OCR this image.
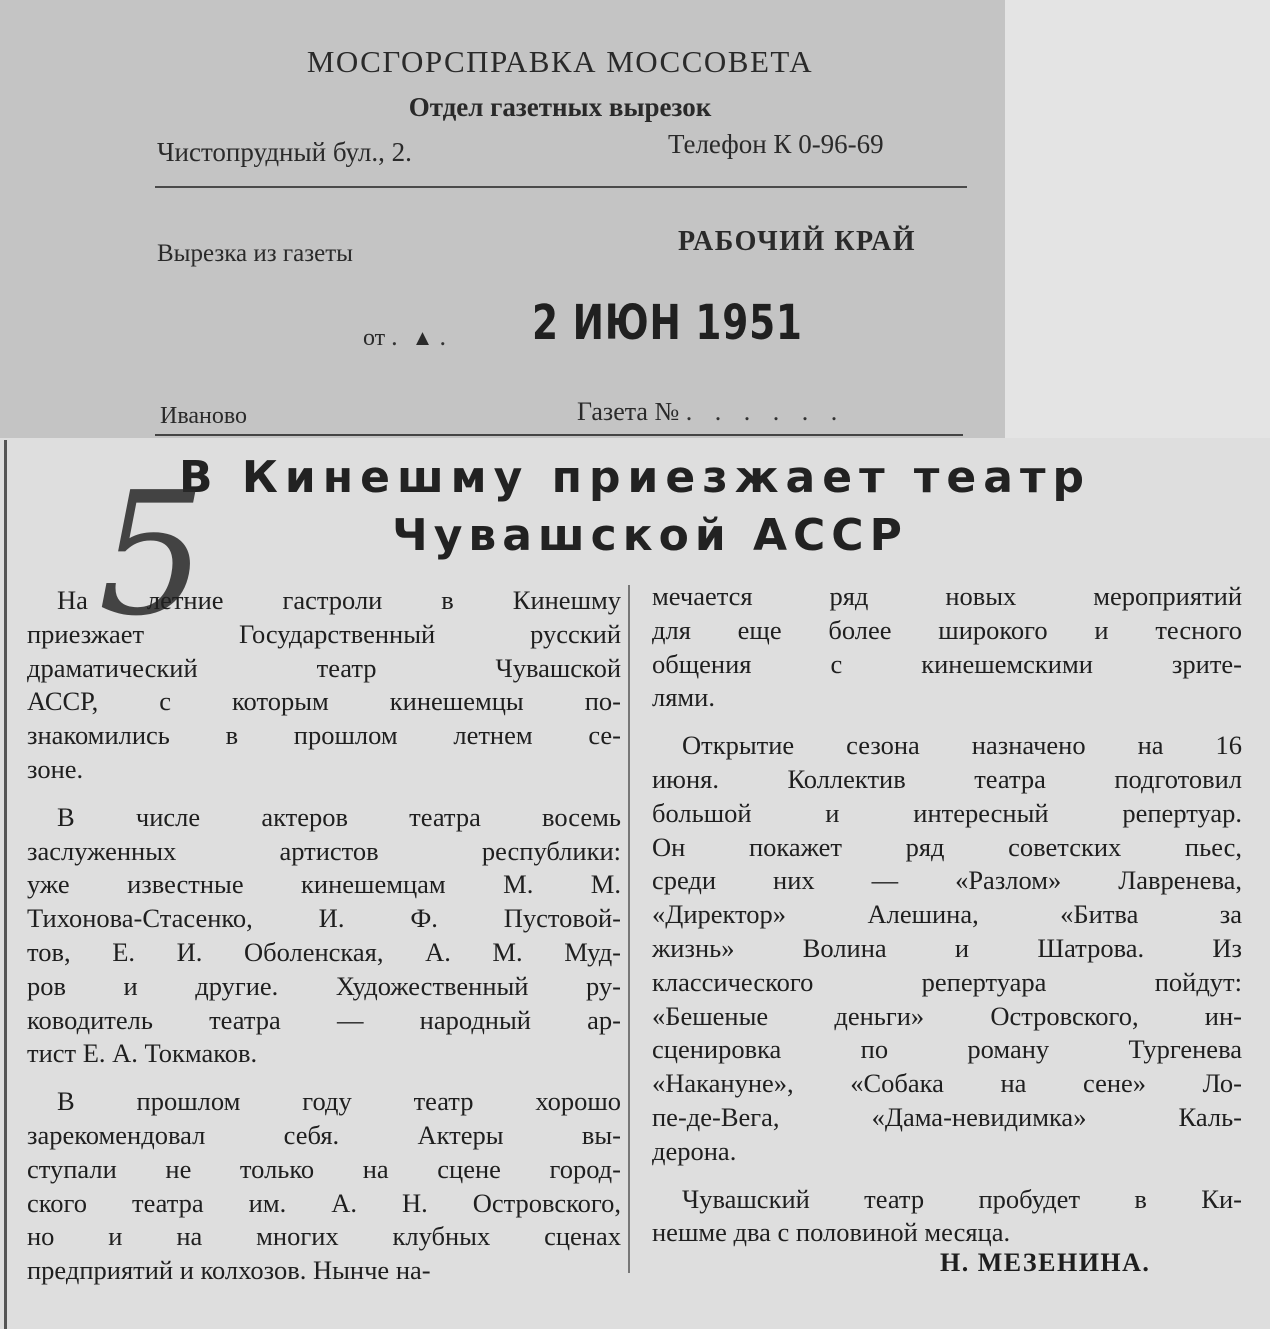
МОСГОРСПРАВКА МОССОВЕТА
Отдел газетных вырезок
Чистопрудный бул., 2.	Телефон К 0-96-69
Вырезка из газеты	РАБОЧИЙ КРАЙ
от . ▲ . 2 ИЮН 1951
Иваново	Газета № . . . . . .
В Кинешму приезжает театр
Чувашской АССР
5

На летние гастроли в Кинешму
приезжает Государственный русский
драматический театр Чувашской
АССР, с которым кинешемцы по-
знакомились в прошлом летнем се-
зоне.

В числе актеров театра восемь
заслуженных артистов республики:
уже известные кинешемцам М. М.
Тихонова-Стасенко, И. Ф. Пустовой-
тов, Е. И. Оболенская, А. М. Муд-
ров и другие. Художественный ру-
ководитель театра — народный ар-
тист Е. А. Токмаков.

В прошлом году театр хорошо
зарекомендовал себя. Актеры вы-
ступали не только на сцене город-
ского театра им. А. Н. Островского,
но и на многих клубных сценах
предприятий и колхозов. Нынче на-

мечается ряд новых мероприятий
для еще более широкого и тесного
общения с кинешемскими зрите-
лями.

Открытие сезона назначено на 16
июня. Коллектив театра подготовил
большой и интересный репертуар.
Он покажет ряд советских пьес,
среди них — «Разлом» Лавренева,
«Директор» Алешина, «Битва за
жизнь» Волина и Шатрова. Из
классического репертуара пойдут:
«Бешеные деньги» Островского, ин-
сценировка по роману Тургенева
«Накануне», «Собака на сене» Ло-
пе-де-Вега, «Дама-невидимка» Каль-
дерона.

Чувашский театр пробудет в Ки-
нешме два с половиной месяца.

Н. МЕЗЕНИНА.
